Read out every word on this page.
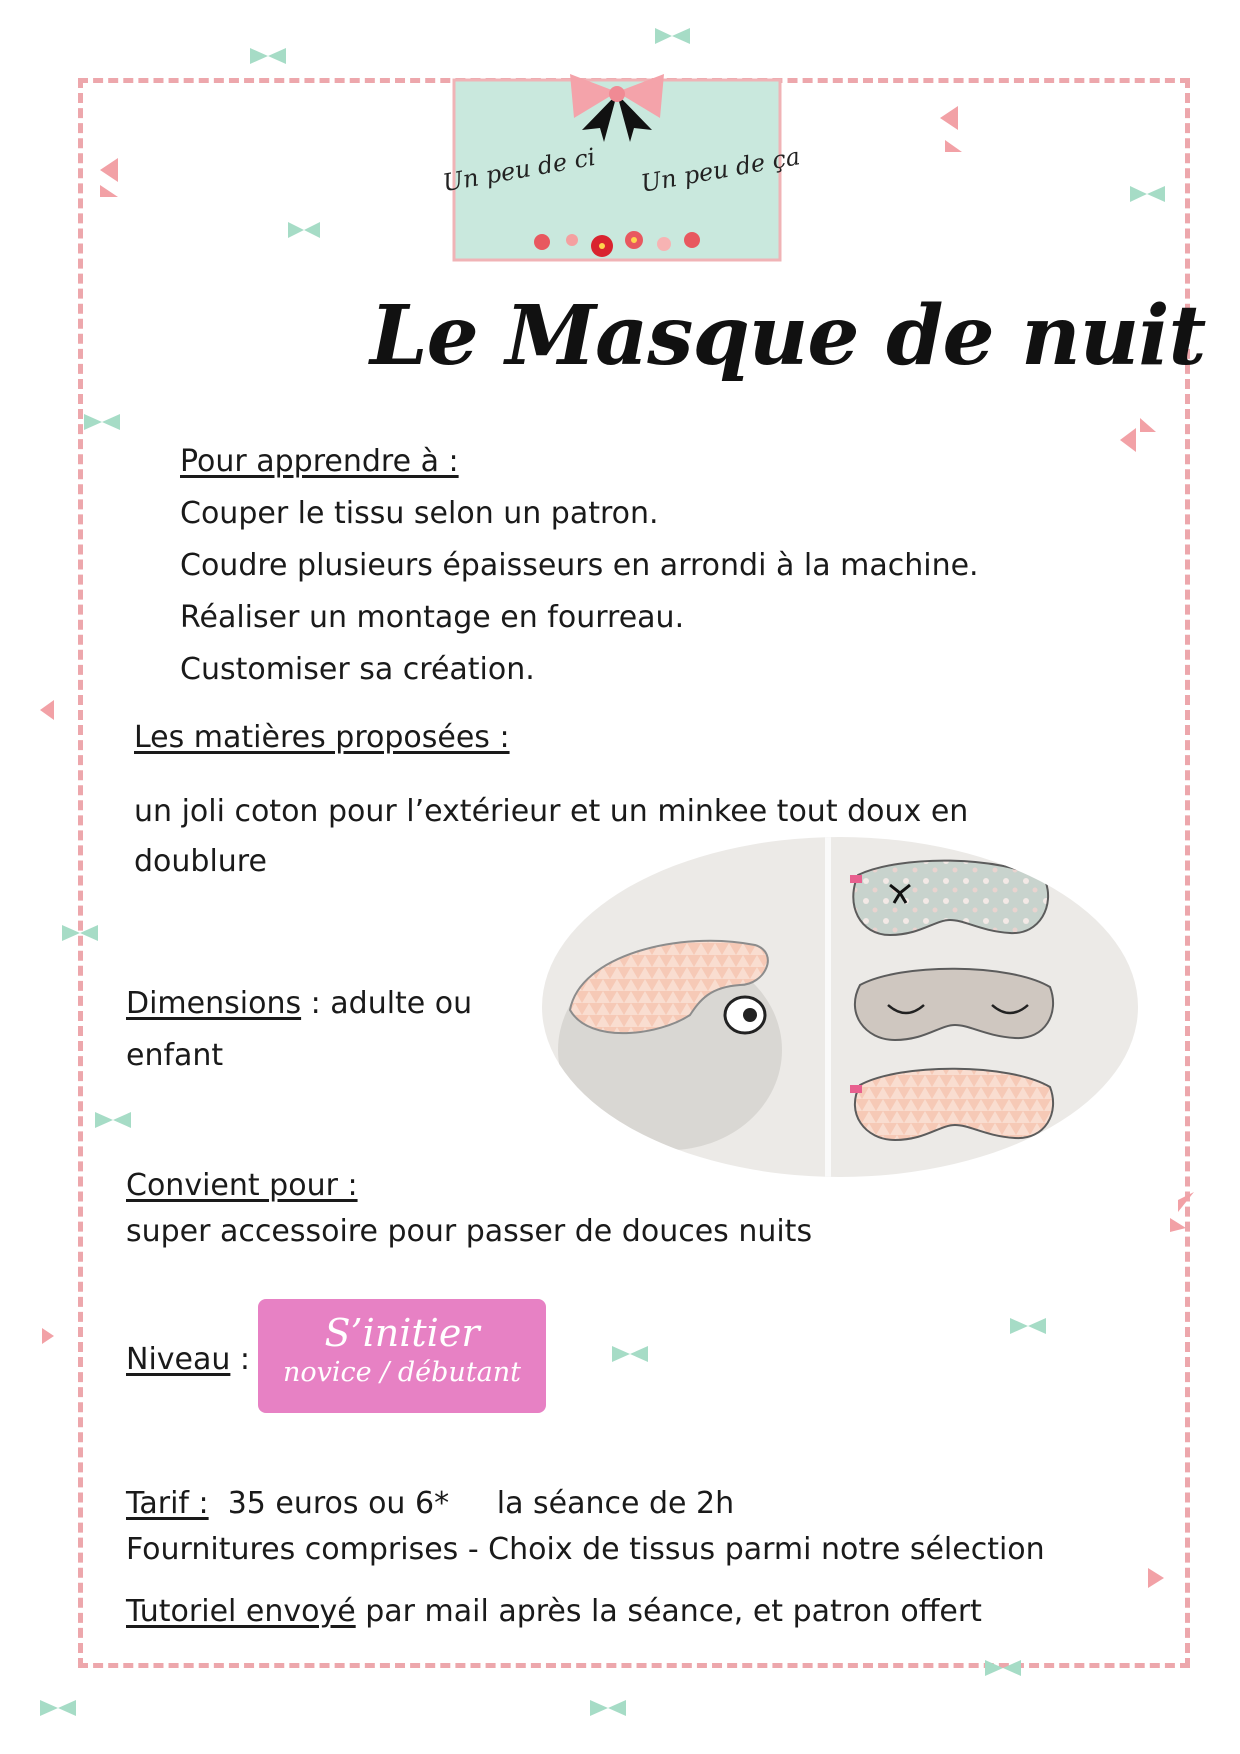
Un peu de ci Un peu de ça
Le Masque de nuit
Pour apprendre à :
Couper le tissu selon un patron.
Coudre plusieurs épaisseurs en arrondi à la machine.
Réaliser un montage en fourreau.
Customiser sa création.
Les matières proposées :
un joli coton pour l’extérieur et un minkee tout doux en
doublure
Dimensions : adulte ou
enfant
Convient pour :
super accessoire pour passer de douces nuits
Niveau :
S’initier
novice / débutant
Tarif :  35 euros ou 6*     la séance de 2h
Fournitures comprises - Choix de tissus parmi notre sélection
Tutoriel envoyé par mail après la séance, et patron offert
